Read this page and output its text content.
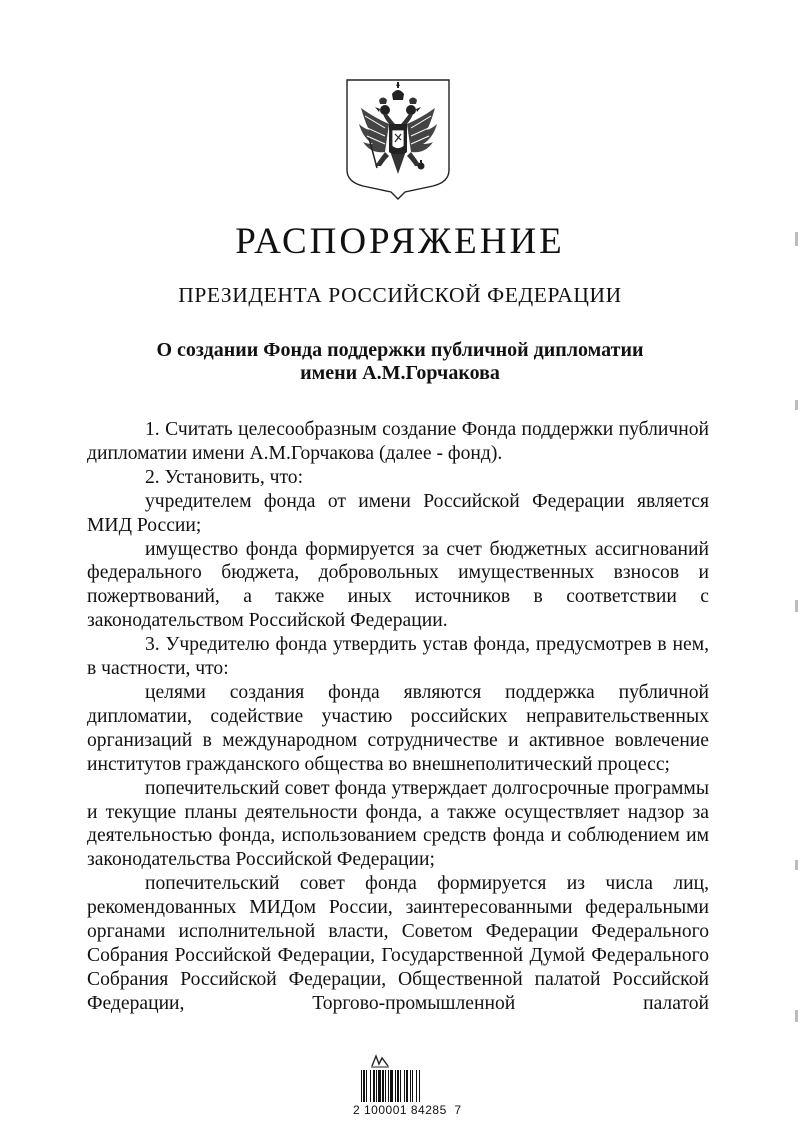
РАСПОРЯЖЕНИЕ
ПРЕЗИДЕНТА РОССИЙСКОЙ ФЕДЕРАЦИИ
О создании Фонда поддержки публичной дипломатии
имени А.М.Горчакова

1. Считать целесообразным создание Фонда поддержки публичной дипломатии имени А.М.Горчакова (далее - фонд).

2. Установить, что:

учредителем фонда от имени Российской Федерации является МИД России;

имущество фонда формируется за счет бюджетных ассигнований федерального бюджета, добровольных имущественных взносов и пожертвований, а также иных источников в соответствии с законодательством Российской Федерации.

3. Учредителю фонда утвердить устав фонда, предусмотрев в нем, в частности, что:

целями создания фонда являются поддержка публичной дипломатии, содействие участию российских неправительственных организаций в международном сотрудничестве и активное вовлечение институтов гражданского общества во внешнеполитический процесс;

попечительский совет фонда утверждает долгосрочные программы и текущие планы деятельности фонда, а также осуществляет надзор за деятельностью фонда, использованием средств фонда и соблюдением им законодательства Российской Федерации;

попечительский совет фонда формируется из числа лиц, рекомендованных МИДом России, заинтересованными федеральными органами исполнительной власти, Советом Федерации Федерального Собрания Российской Федерации, Государственной Думой Федерального Собрания Российской Федерации, Общественной палатой Российской Федерации, Торгово-промышленной палатой

2 100001 84285  7
